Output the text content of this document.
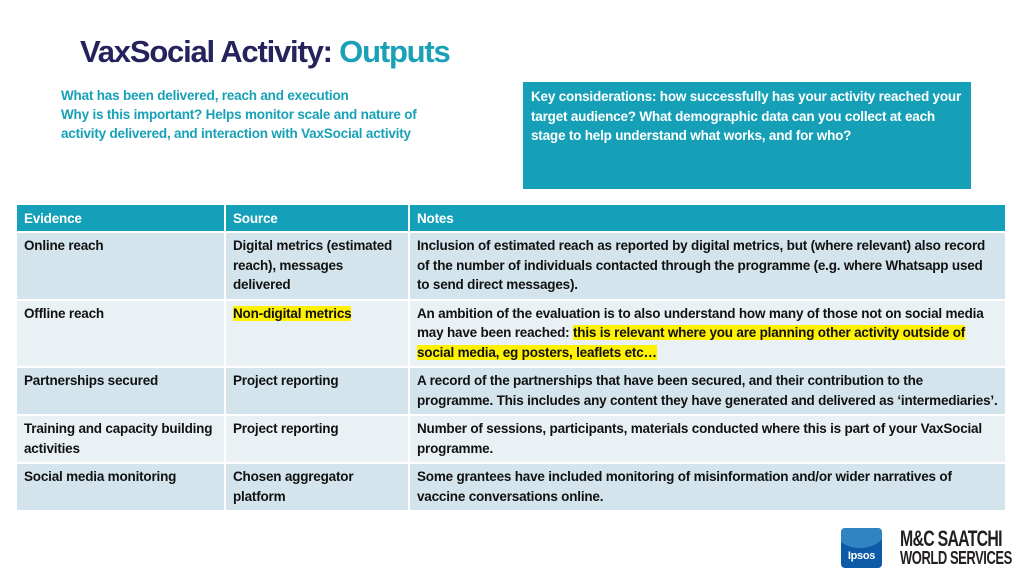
VaxSocial Activity: Outputs
What has been delivered, reach and execution
Why is this important? Helps monitor scale and nature of
activity delivered, and interaction with VaxSocial activity
Key considerations: how successfully has your activity reached your target audience? What demographic data can you collect at each stage to help understand what works, and for who?
Evidence	Source	Notes
Online reach	Digital metrics (estimated reach), messages delivered	Inclusion of estimated reach as reported by digital metrics, but (where relevant) also record of the number of individuals contacted through the programme (e.g. where Whatsapp used to send direct messages).
Offline reach	Non-digital metrics	An ambition of the evaluation is to also understand how many of those not on social media may have been reached: this is relevant where you are planning other activity outside of social media, eg posters, leaflets etc…
Partnerships secured	Project reporting	A record of the partnerships that have been secured, and their contribution to the programme. This includes any content they have generated and delivered as ‘intermediaries’.
Training and capacity building activities	Project reporting	Number of sessions, participants, materials conducted where this is part of your VaxSocial programme.
Social media monitoring	Chosen aggregator platform	Some grantees have included monitoring of misinformation and/or wider narratives of vaccine conversations online.
Ipsos
M&C SAATCHI
WORLD SERVICES
